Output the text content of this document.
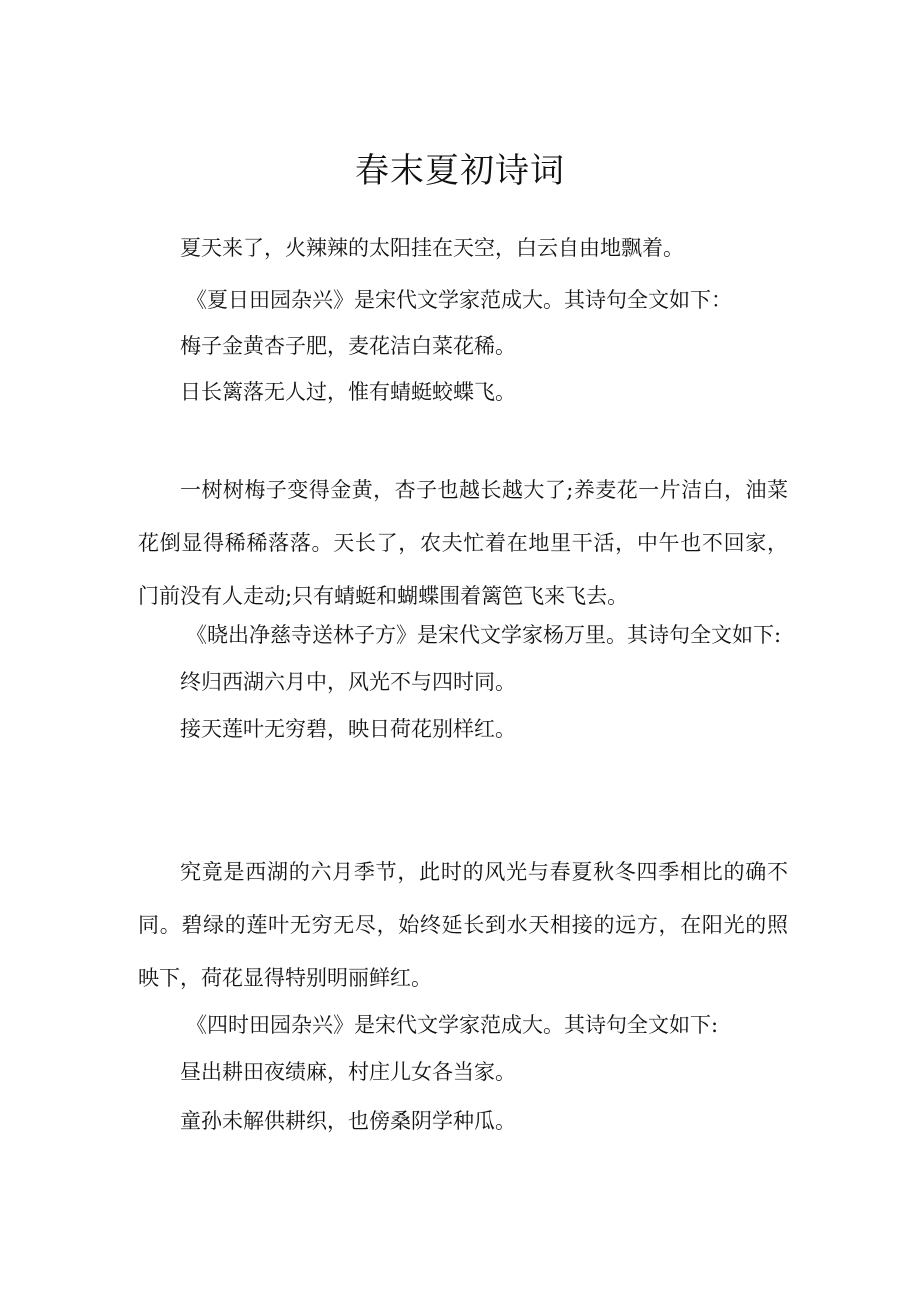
春末夏初诗词

夏天来了，火辣辣的太阳挂在天空，白云自由地飘着。

《夏日田园杂兴》是宋代文学家范成大。其诗句全文如下：

梅子金黄杏子肥，麦花洁白菜花稀。

日长篱落无人过，惟有蜻蜓蛟蝶飞。

一树树梅子变得金黄，杏子也越长越大了;养麦花一片洁白，油菜花倒显得稀稀落落。天长了，农夫忙着在地里干活，中午也不回家，门前没有人走动;只有蜻蜓和蝴蝶围着篱笆飞来飞去。

《晓出净慈寺送林子方》是宋代文学家杨万里。其诗句全文如下:

终归西湖六月中，风光不与四时同。

接天莲叶无穷碧，映日荷花别样红。

究竟是西湖的六月季节，此时的风光与春夏秋冬四季相比的确不同。碧绿的莲叶无穷无尽，始终延长到水天相接的远方，在阳光的照映下，荷花显得特别明丽鲜红。

《四时田园杂兴》是宋代文学家范成大。其诗句全文如下:

昼出耕田夜绩麻，村庄儿女各当家。

童孙未解供耕织，也傍桑阴学种瓜。
